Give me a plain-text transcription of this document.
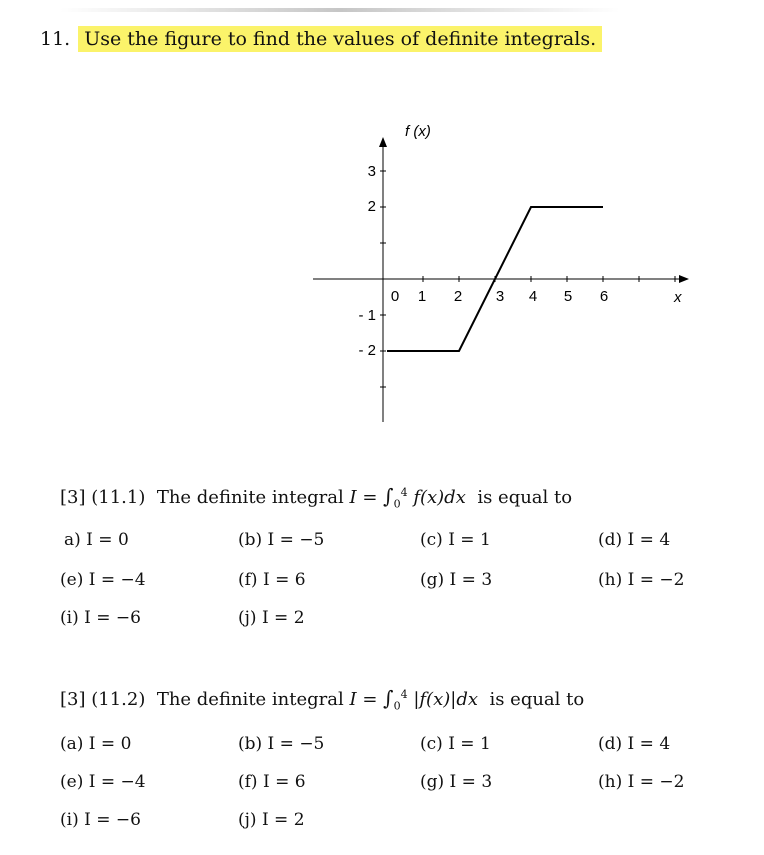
11. Use the figure to find the values of definite integrals.
f (x)
x
0 1 2 3 4 5 6
3
2
- 1
- 2
[3] (11.1) The definite integral $I = \int_0^4$ f(x)dx is equal to
a) I = 0	(b) I = −5	(c) I = 1	(d) I = 4
(e) I = −4	(f) I = 6	(g) I = 3	(h) I = −2
(i) I = −6	(j) I = 2
[3] (11.2) The definite integral $I = \int_0^4$ |f(x)|dx is equal to
(a) I = 0	(b) I = −5	(c) I = 1	(d) I = 4
(e) I = −4	(f) I = 6	(g) I = 3	(h) I = −2
(i) I = −6	(j) I = 2
